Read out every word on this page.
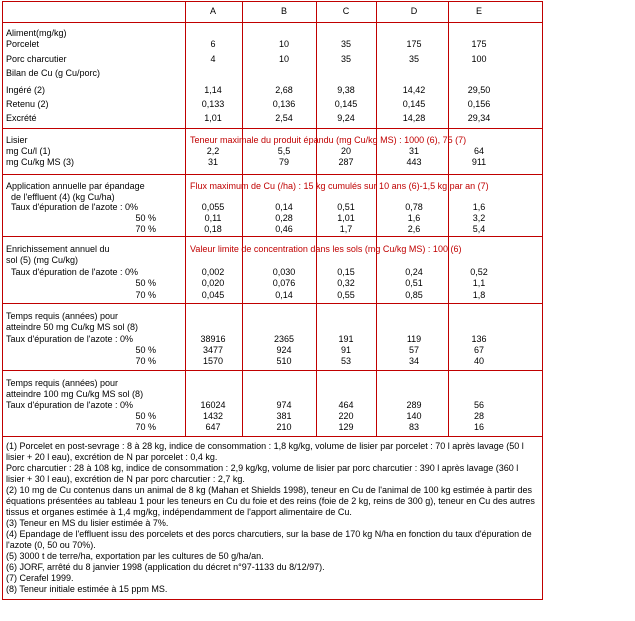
A	B	C	D	E
Aliment(mg/kg)
Porcelet	6	10	35	175	175
Porc charcutier	4	10	35	35	100
Bilan de Cu (g Cu/porc)
Ingéré (2)	1,14	2,68	9,38	14,42	29,50
Retenu (2)	0,133	0,136	0,145	0,145	0,156
Excrété	1,01	2,54	9,24	14,28	29,34
Lisier	Teneur maximale du produit épandu (mg Cu/kg MS) : 1000 (6), 75 (7)
mg Cu/l (1)	2,2	5,5	20	31	64
mg Cu/kg MS (3)	31	79	287	443	911
Application annuelle par épandage
de l'effluent (4) (kg Cu/ha)
Flux maximum de Cu (/ha) : 15 kg cumulés sur 10 ans (6)-1,5 kg par an (7)
Taux d'épuration de l'azote : 0%	0,055	0,14	0,51	0,78	1,6
50 %	0,11	0,28	1,01	1,6	3,2
70 %	0,18	0,46	1,7	2,6	5,4
Enrichissement annuel du
sol (5) (mg Cu/kg)
Valeur limite de concentration dans les sols (mg Cu/kg MS) : 100 (6)
Taux d'épuration de l'azote : 0%	0,002	0,030	0,15	0,24	0,52
50 %	0,020	0,076	0,32	0,51	1,1
70 %	0,045	0,14	0,55	0,85	1,8
Temps requis (années) pour
atteindre 50 mg Cu/kg MS sol (8)
Taux d'épuration de l'azote : 0%	38916	2365	191	119	136
50 %	3477	924	91	57	67
70 %	1570	510	53	34	40
Temps requis (années) pour
atteindre 100 mg Cu/kg MS sol (8)
Taux d'épuration de l'azote : 0%	16024	974	464	289	56
50 %	1432	381	220	140	28
70 %	647	210	129	83	16
(1) Porcelet en post-sevrage : 8 à 28 kg, indice de consommation : 1,8 kg/kg, volume de lisier par porcelet : 70 l après lavage (50 l lisier + 20 l eau), excrétion de N par porcelet : 0,4 kg.
Porc charcutier : 28 à 108 kg, indice de consommation : 2,9 kg/kg, volume de lisier par porc charcutier : 390 l après lavage (360 l lisier + 30 l eau), excrétion de N par porc charcutier : 2,7 kg.
(2) 10 mg de Cu contenus dans un animal de 8 kg (Mahan et Shields 1998), teneur en Cu de l'animal de 100 kg estimée à partir des équations présentées au tableau 1 pour les teneurs en Cu du foie et des reins (foie de 2 kg, reins de 300 g), teneur en Cu des autres tissus et organes estimée à 1,4 mg/kg, indépendamment de l'apport alimentaire de Cu.
(3) Teneur en MS du lisier estimée à 7%.
(4) Epandage de l'effluent issu des porcelets et des porcs charcutiers, sur la base de 170 kg N/ha en fonction du taux d'épuration de l'azote (0, 50 ou 70%).
(5) 3000 t de terre/ha, exportation par les cultures de 50 g/ha/an.
(6) JORF, arrêté du 8 janvier 1998 (application du décret n°97-1133 du 8/12/97).
(7) Cerafel 1999.
(8) Teneur initiale estimée à 15 ppm MS.
